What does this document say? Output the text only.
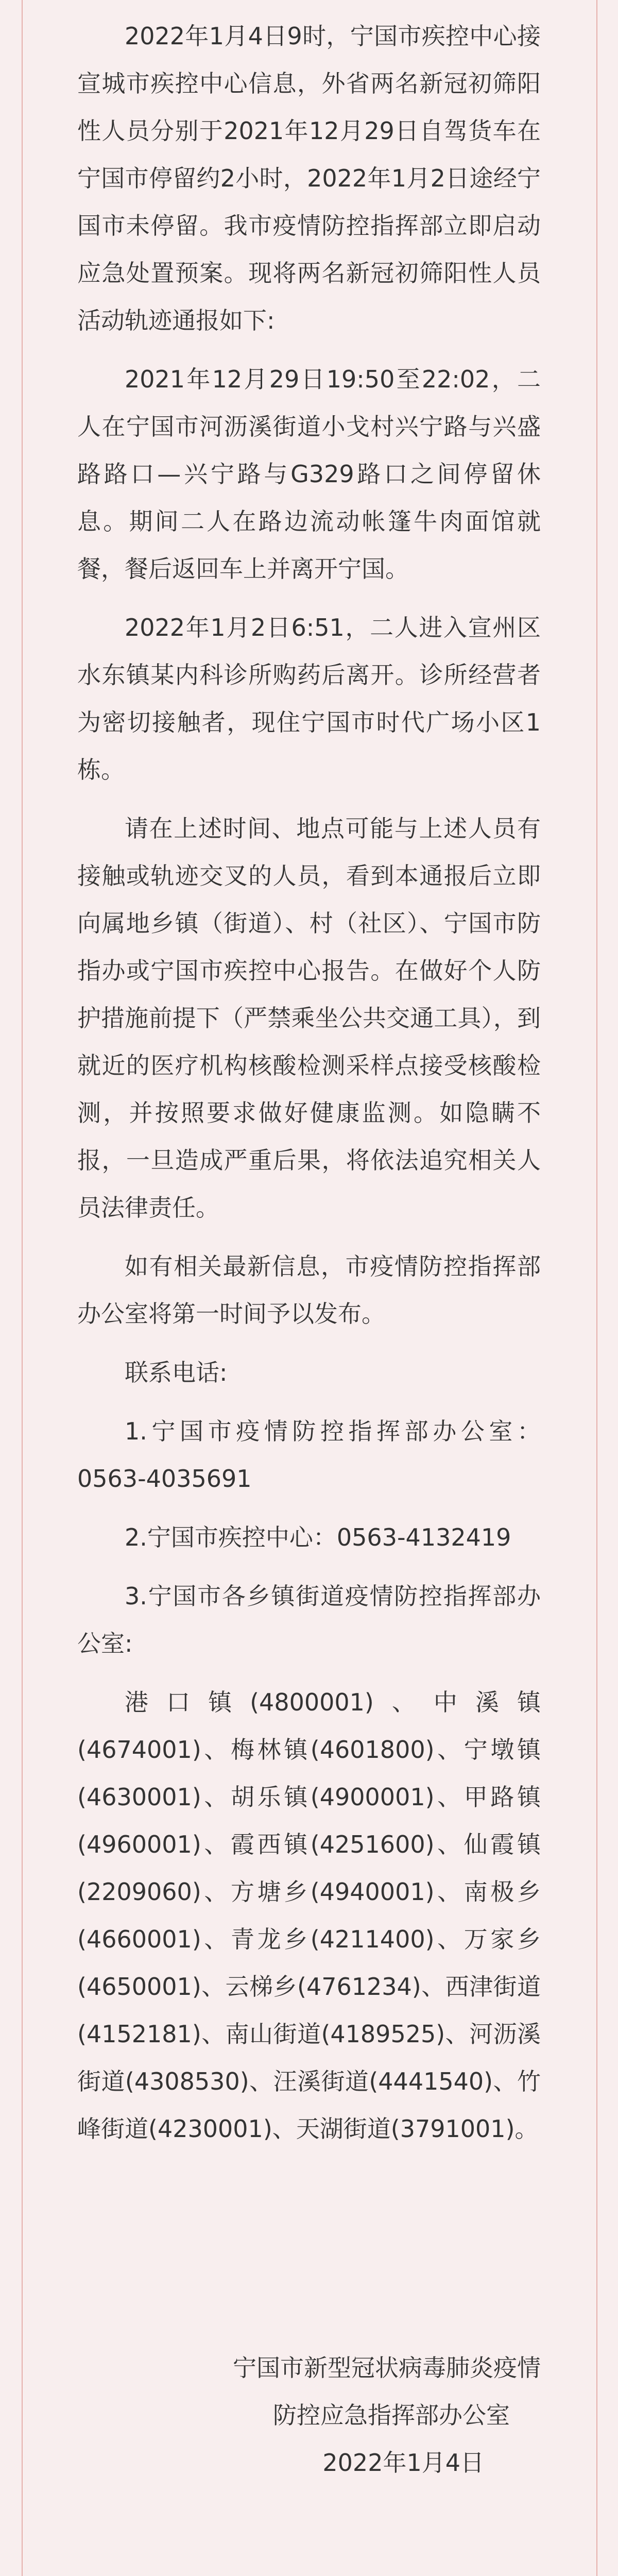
2022年1月4日9时，宁国市疾控中心接宣城市疾控中心信息，外省两名新冠初筛阳性人员分别于2021年12月29日自驾货车在宁国市停留约2小时，2022年1月2日途经宁国市未停留。我市疫情防控指挥部立即启动应急处置预案。现将两名新冠初筛阳性人员活动轨迹通报如下:

2021年12月29日19:50至22:02，二人在宁国市河沥溪街道小戈村兴宁路与兴盛路路口—兴宁路与G329路口之间停留休息。期间二人在路边流动帐篷牛肉面馆就餐，餐后返回车上并离开宁国。

2022年1月2日6:51，二人进入宣州区水东镇某内科诊所购药后离开。诊所经营者为密切接触者，现住宁国市时代广场小区1栋。

请在上述时间、地点可能与上述人员有接触或轨迹交叉的人员，看到本通报后立即向属地乡镇（街道）、村（社区）、宁国市防指办或宁国市疾控中心报告。在做好个人防护措施前提下（严禁乘坐公共交通工具），到就近的医疗机构核酸检测采样点接受核酸检测，并按照要求做好健康监测。如隐瞒不报，一旦造成严重后果，将依法追究相关人员法律责任。

如有相关最新信息，市疫情防控指挥部办公室将第一时间予以发布。

联系电话:

1.宁国市疫情防控指挥部办公室：0563-4035691

2.宁国市疾控中心：0563-4132419

3.宁国市各乡镇街道疫情防控指挥部办公室:

港口镇(4800001)、中溪镇(4674001)、梅林镇(4601800)、宁墩镇(4630001)、胡乐镇(4900001)、甲路镇(4960001)、霞西镇(4251600)、仙霞镇(2209060)、方塘乡(4940001)、南极乡(4660001)、青龙乡(4211400)、万家乡(4650001)、云梯乡(4761234)、西津街道(4152181)、南山街道(4189525)、河沥溪街道(4308530)、汪溪街道(4441540)、竹峰街道(4230001)、天湖街道(3791001)。

宁国市新型冠状病毒肺炎疫情

防控应急指挥部办公室

2022年1月4日
